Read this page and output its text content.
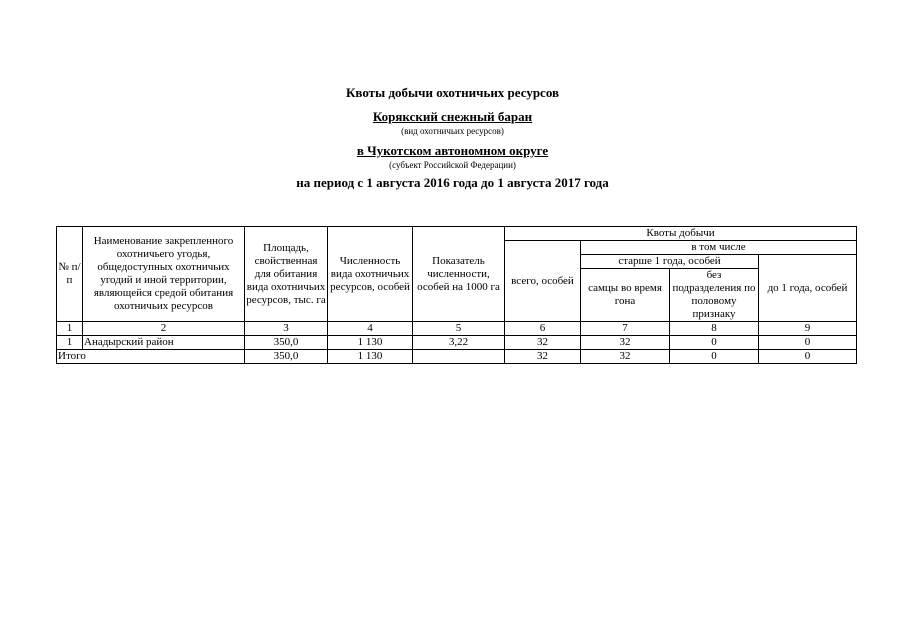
Квоты добычи охотничьих ресурсов
Корякский снежный баран
(вид охотничьих ресурсов)
в Чукотском автономном округе
(субъект Российской Федерации)
на период с 1 августа 2016 года до 1 августа 2017 года
№ п/п	Наименование закрепленного охотничьего угодья, общедоступных охотничьих угодий и иной территории, являющейся средой обитания охотничьих ресурсов	Площадь, свойственная для обитания вида охотничьих ресурсов, тыс. га	Численность вида охотничьих ресурсов, особей	Показатель численности, особей на 1000 га	Квоты добычи			
					всего, особей	в том числе		
						старше 1 года, особей		до 1 года, особей
						самцы во время гона	без подразделения по половому признаку	
1	2	3	4	5	6	7	8	9
1	Анадырский район	350,0	1 130	3,22	32	32	0	0
Итого		350,0	1 130		32	32	0	0
